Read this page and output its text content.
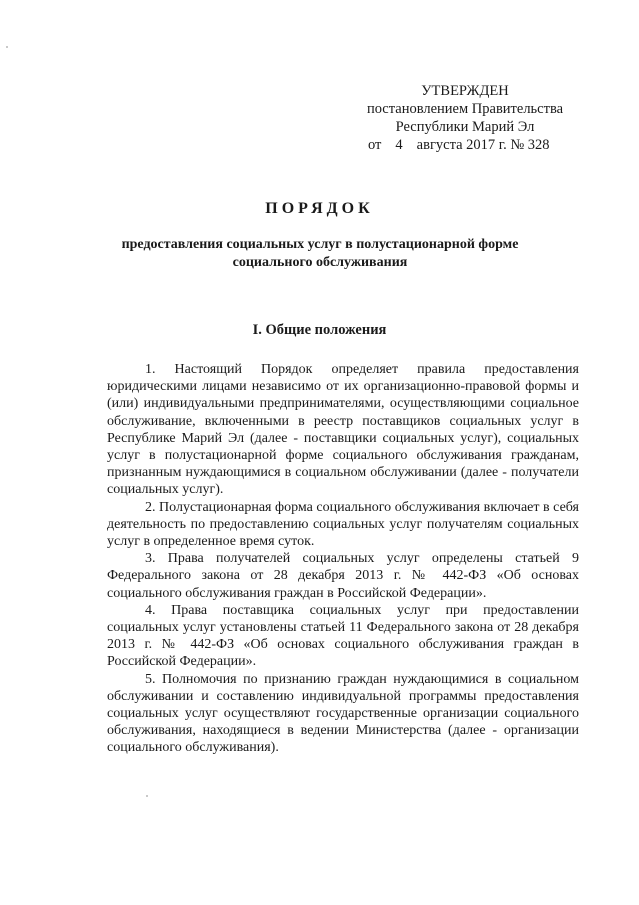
УТВЕРЖДЕН
постановлением Правительства
Республики Марий Эл
от 4 августа 2017 г. № 328
ПОРЯДОК
предоставления социальных услуг в полустационарной форме социального обслуживания
I. Общие положения

1. Настоящий Порядок определяет правила предоставления юридическими лицами независимо от их организационно-правовой формы и (или) индивидуальными предпринимателями, осуществляющими социальное обслуживание, включенными в реестр поставщиков социальных услуг в Республике Марий Эл (далее - поставщики социальных услуг), социальных услуг в полустационарной форме социального обслуживания гражданам, признанным нуждающимися в социальном обслуживании (далее - получатели социальных услуг).

2. Полустационарная форма социального обслуживания включает в себя деятельность по предоставлению социальных услуг получателям социальных услуг в определенное время суток.

3. Права получателей социальных услуг определены статьей 9 Федерального закона от 28 декабря 2013 г. № 442-ФЗ «Об основах социального обслуживания граждан в Российской Федерации».

4. Права поставщика социальных услуг при предоставлении социальных услуг установлены статьей 11 Федерального закона от 28 декабря 2013 г. № 442-ФЗ «Об основах социального обслуживания граждан в Российской Федерации».

5. Полномочия по признанию граждан нуждающимися в социальном обслуживании и составлению индивидуальной программы предоставления социальных услуг осуществляют государственные организации социального обслуживания, находящиеся в ведении Министерства (далее - организации социального обслуживания).
